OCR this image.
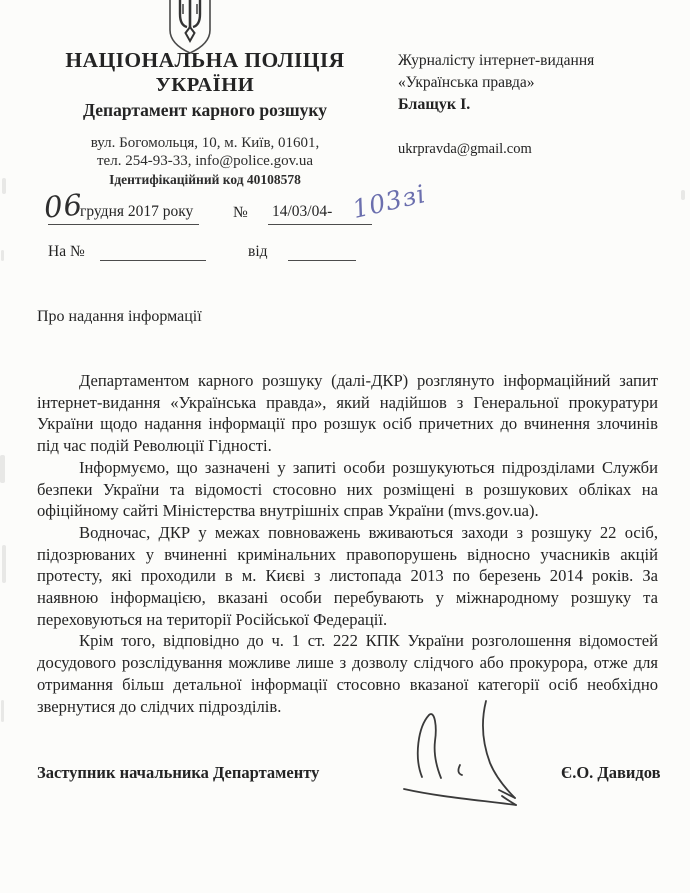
НАЦІОНАЛЬНА ПОЛІЦІЯ
УКРАЇНИ
Департамент карного розшуку
вул. Богомольця, 10, м. Київ, 01601,
тел. 254-93-33, info@police.gov.ua
Ідентифікаційний код 40108578
Журналісту інтернет-видання
«Українська правда»
Блащук І.
ukrpravda@gmail.com
06
грудня 2017 року	№ 14/03/04- 103зі
На №	від
Про надання інформації

Департаментом карного розшуку (далі-ДКР) розглянуто інформаційний запит інтернет-видання «Українська правда», який надійшов з Генеральної прокуратури України щодо надання інформації про розшук осіб причетних до вчинення злочинів під час подій Революції Гідності.

Інформуємо, що зазначені у запиті особи розшукуються підрозділами Служби безпеки України та відомості стосовно них розміщені в розшукових обліках на офіційному сайті Міністерства внутрішніх справ України (mvs.gov.ua).

Водночас, ДКР у межах повноважень вживаються заходи з розшуку 22 осіб, підозрюваних у вчиненні кримінальних правопорушень відносно учасників акцій протесту, які проходили в м. Києві з листопада 2013 по березень 2014 років. За наявною інформацією, вказані особи перебувають у міжнародному розшуку та переховуються на території Російської Федерації.

Крім того, відповідно до ч. 1 ст. 222 КПК України розголошення відомостей досудового розслідування можливе лише з дозволу слідчого або прокурора, отже для отримання більш детальної інформації стосовно вказаної категорії осіб необхідно звернутися до слідчих підрозділів.

Заступник начальника Департаменту	Є.О. Давидов
